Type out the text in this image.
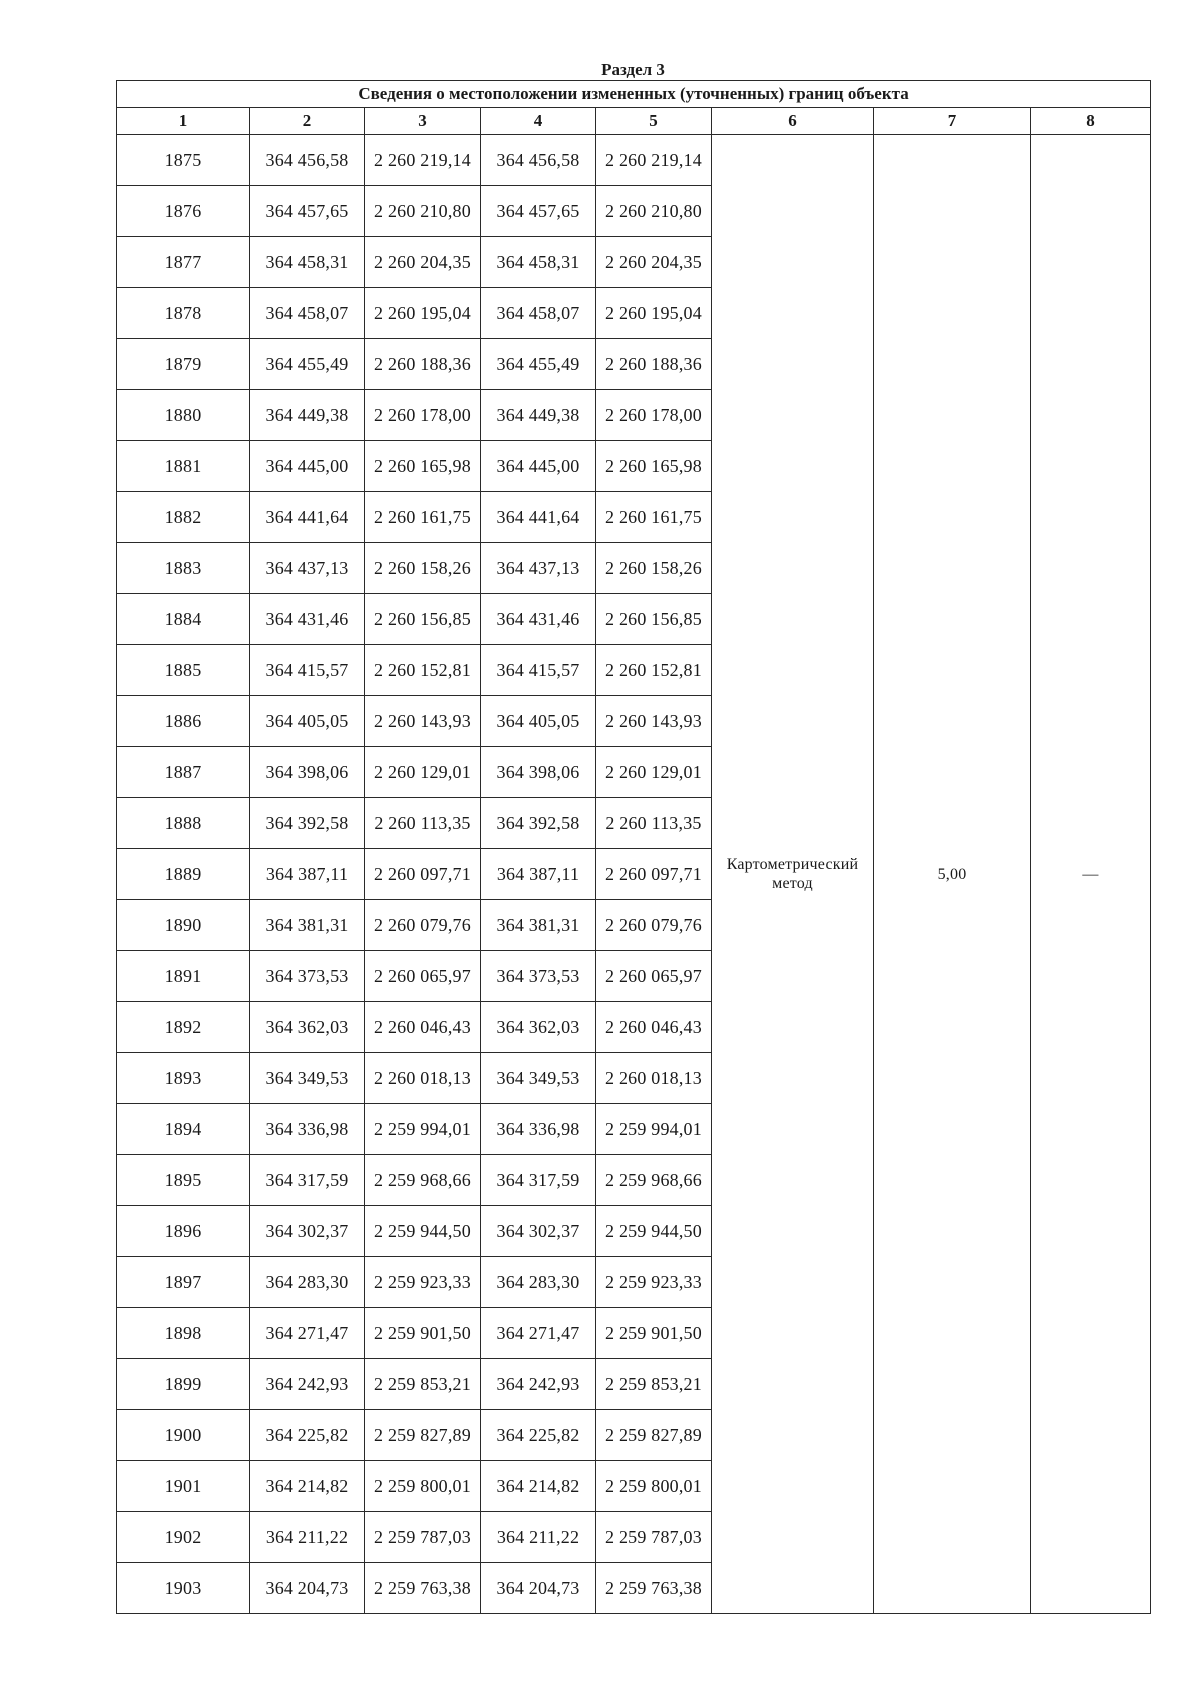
Раздел 3
Сведения о местоположении измененных (уточненных) границ объекта							
1	2	3	4	5	6	7	8
1875	364 456,58	2 260 219,14	364 456,58	2 260 219,14	Картометрический метод	5,00	—
1876	364 457,65	2 260 210,80	364 457,65	2 260 210,80			
1877	364 458,31	2 260 204,35	364 458,31	2 260 204,35			
1878	364 458,07	2 260 195,04	364 458,07	2 260 195,04			
1879	364 455,49	2 260 188,36	364 455,49	2 260 188,36			
1880	364 449,38	2 260 178,00	364 449,38	2 260 178,00			
1881	364 445,00	2 260 165,98	364 445,00	2 260 165,98			
1882	364 441,64	2 260 161,75	364 441,64	2 260 161,75			
1883	364 437,13	2 260 158,26	364 437,13	2 260 158,26			
1884	364 431,46	2 260 156,85	364 431,46	2 260 156,85			
1885	364 415,57	2 260 152,81	364 415,57	2 260 152,81			
1886	364 405,05	2 260 143,93	364 405,05	2 260 143,93			
1887	364 398,06	2 260 129,01	364 398,06	2 260 129,01			
1888	364 392,58	2 260 113,35	364 392,58	2 260 113,35			
1889	364 387,11	2 260 097,71	364 387,11	2 260 097,71			
1890	364 381,31	2 260 079,76	364 381,31	2 260 079,76			
1891	364 373,53	2 260 065,97	364 373,53	2 260 065,97			
1892	364 362,03	2 260 046,43	364 362,03	2 260 046,43			
1893	364 349,53	2 260 018,13	364 349,53	2 260 018,13			
1894	364 336,98	2 259 994,01	364 336,98	2 259 994,01			
1895	364 317,59	2 259 968,66	364 317,59	2 259 968,66			
1896	364 302,37	2 259 944,50	364 302,37	2 259 944,50			
1897	364 283,30	2 259 923,33	364 283,30	2 259 923,33			
1898	364 271,47	2 259 901,50	364 271,47	2 259 901,50			
1899	364 242,93	2 259 853,21	364 242,93	2 259 853,21			
1900	364 225,82	2 259 827,89	364 225,82	2 259 827,89			
1901	364 214,82	2 259 800,01	364 214,82	2 259 800,01			
1902	364 211,22	2 259 787,03	364 211,22	2 259 787,03			
1903	364 204,73	2 259 763,38	364 204,73	2 259 763,38			
